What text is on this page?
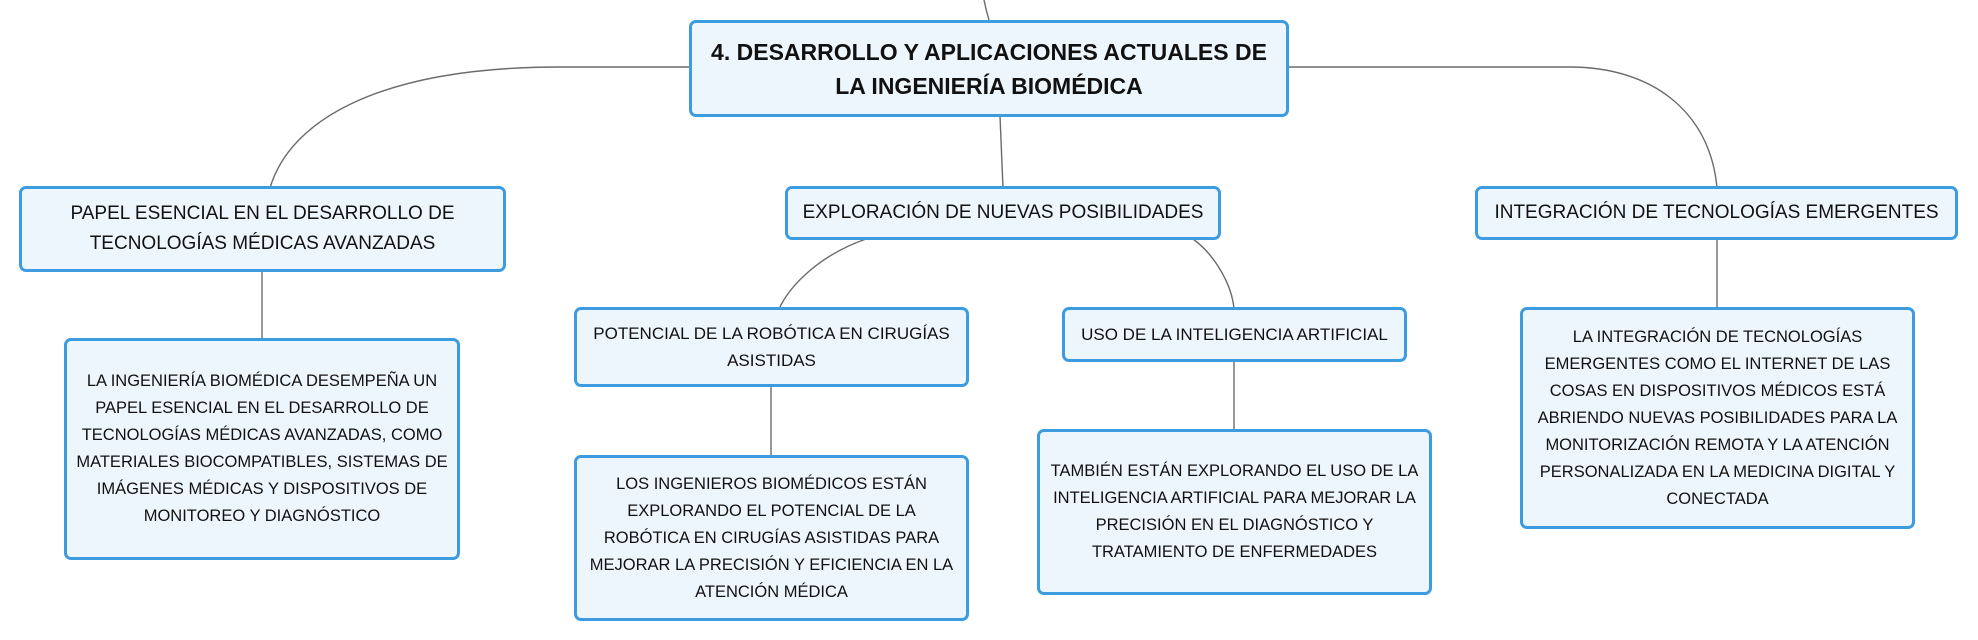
4. DESARROLLO Y APLICACIONES ACTUALES DE LA INGENIERÍA BIOMÉDICA
PAPEL ESENCIAL EN EL DESARROLLO DE TECNOLOGÍAS MÉDICAS AVANZADAS
EXPLORACIÓN DE NUEVAS POSIBILIDADES	INTEGRACIÓN DE TECNOLOGÍAS EMERGENTES
LA INGENIERÍA BIOMÉDICA DESEMPEÑA UN PAPEL ESENCIAL EN EL DESARROLLO DE TECNOLOGÍAS MÉDICAS AVANZADAS, COMO MATERIALES BIOCOMPATIBLES, SISTEMAS DE IMÁGENES MÉDICAS Y DISPOSITIVOS DE MONITOREO Y DIAGNÓSTICO
POTENCIAL DE LA ROBÓTICA EN CIRUGÍAS ASISTIDAS
USO DE LA INTELIGENCIA ARTIFICIAL
LOS INGENIEROS BIOMÉDICOS ESTÁN EXPLORANDO EL POTENCIAL DE LA ROBÓTICA EN CIRUGÍAS ASISTIDAS PARA MEJORAR LA PRECISIÓN Y EFICIENCIA EN LA ATENCIÓN MÉDICA
TAMBIÉN ESTÁN EXPLORANDO EL USO DE LA INTELIGENCIA ARTIFICIAL PARA MEJORAR LA PRECISIÓN EN EL DIAGNÓSTICO Y TRATAMIENTO DE ENFERMEDADES
LA INTEGRACIÓN DE TECNOLOGÍAS EMERGENTES COMO EL INTERNET DE LAS COSAS EN DISPOSITIVOS MÉDICOS ESTÁ ABRIENDO NUEVAS POSIBILIDADES PARA LA MONITORIZACIÓN REMOTA Y LA ATENCIÓN PERSONALIZADA EN LA MEDICINA DIGITAL Y CONECTADA
